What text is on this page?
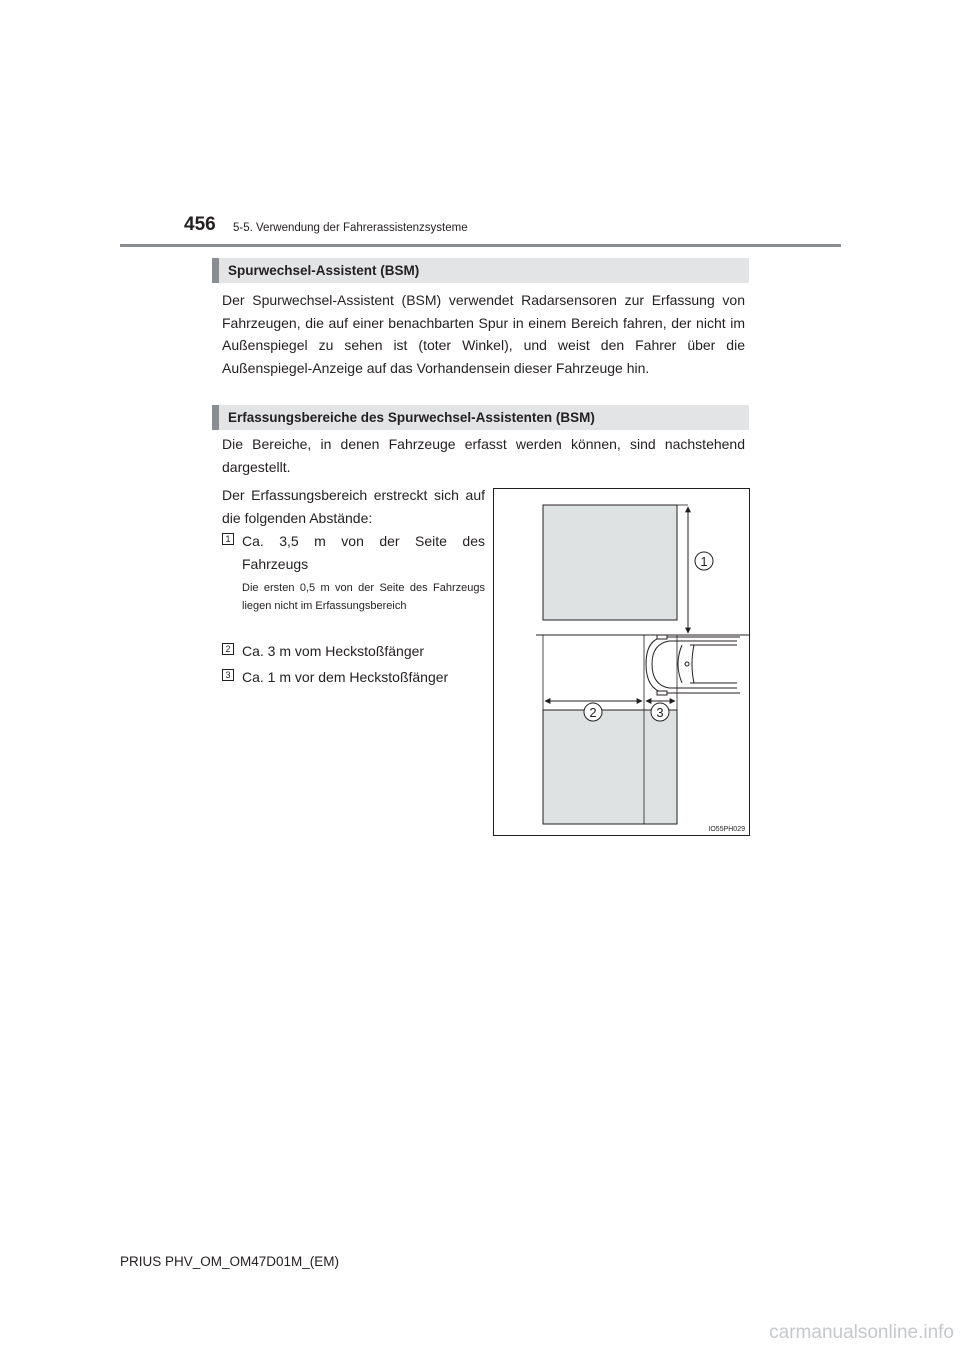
456 5-5. Verwendung der Fahrerassistenzsysteme
Spurwechsel-Assistent (BSM)
Der Spurwechsel-Assistent (BSM) verwendet Radarsensoren zur Erfassung von Fahrzeugen, die auf einer benachbarten Spur in einem Bereich fahren, der nicht im Außenspiegel zu sehen ist (toter Winkel), und weist den Fahrer über die Außenspiegel-Anzeige auf das Vorhandensein dieser Fahrzeuge hin.
Erfassungsbereiche des Spurwechsel-Assistenten (BSM)
Die Bereiche, in denen Fahrzeuge erfasst werden können, sind nachstehend dargestellt.
Der Erfassungsbereich erstreckt sich auf die folgenden Abstände:
1 Ca. 3,5 m von der Seite des Fahrzeugs
Die ersten 0,5 m von der Seite des Fahrzeugs liegen nicht im Erfassungsbereich
2 Ca. 3 m vom Heckstoßfänger
3 Ca. 1 m vor dem Heckstoßfänger
1
2	3
IO55PH029
PRIUS PHV_OM_OM47D01M_(EM)
carmanualsonline.info
